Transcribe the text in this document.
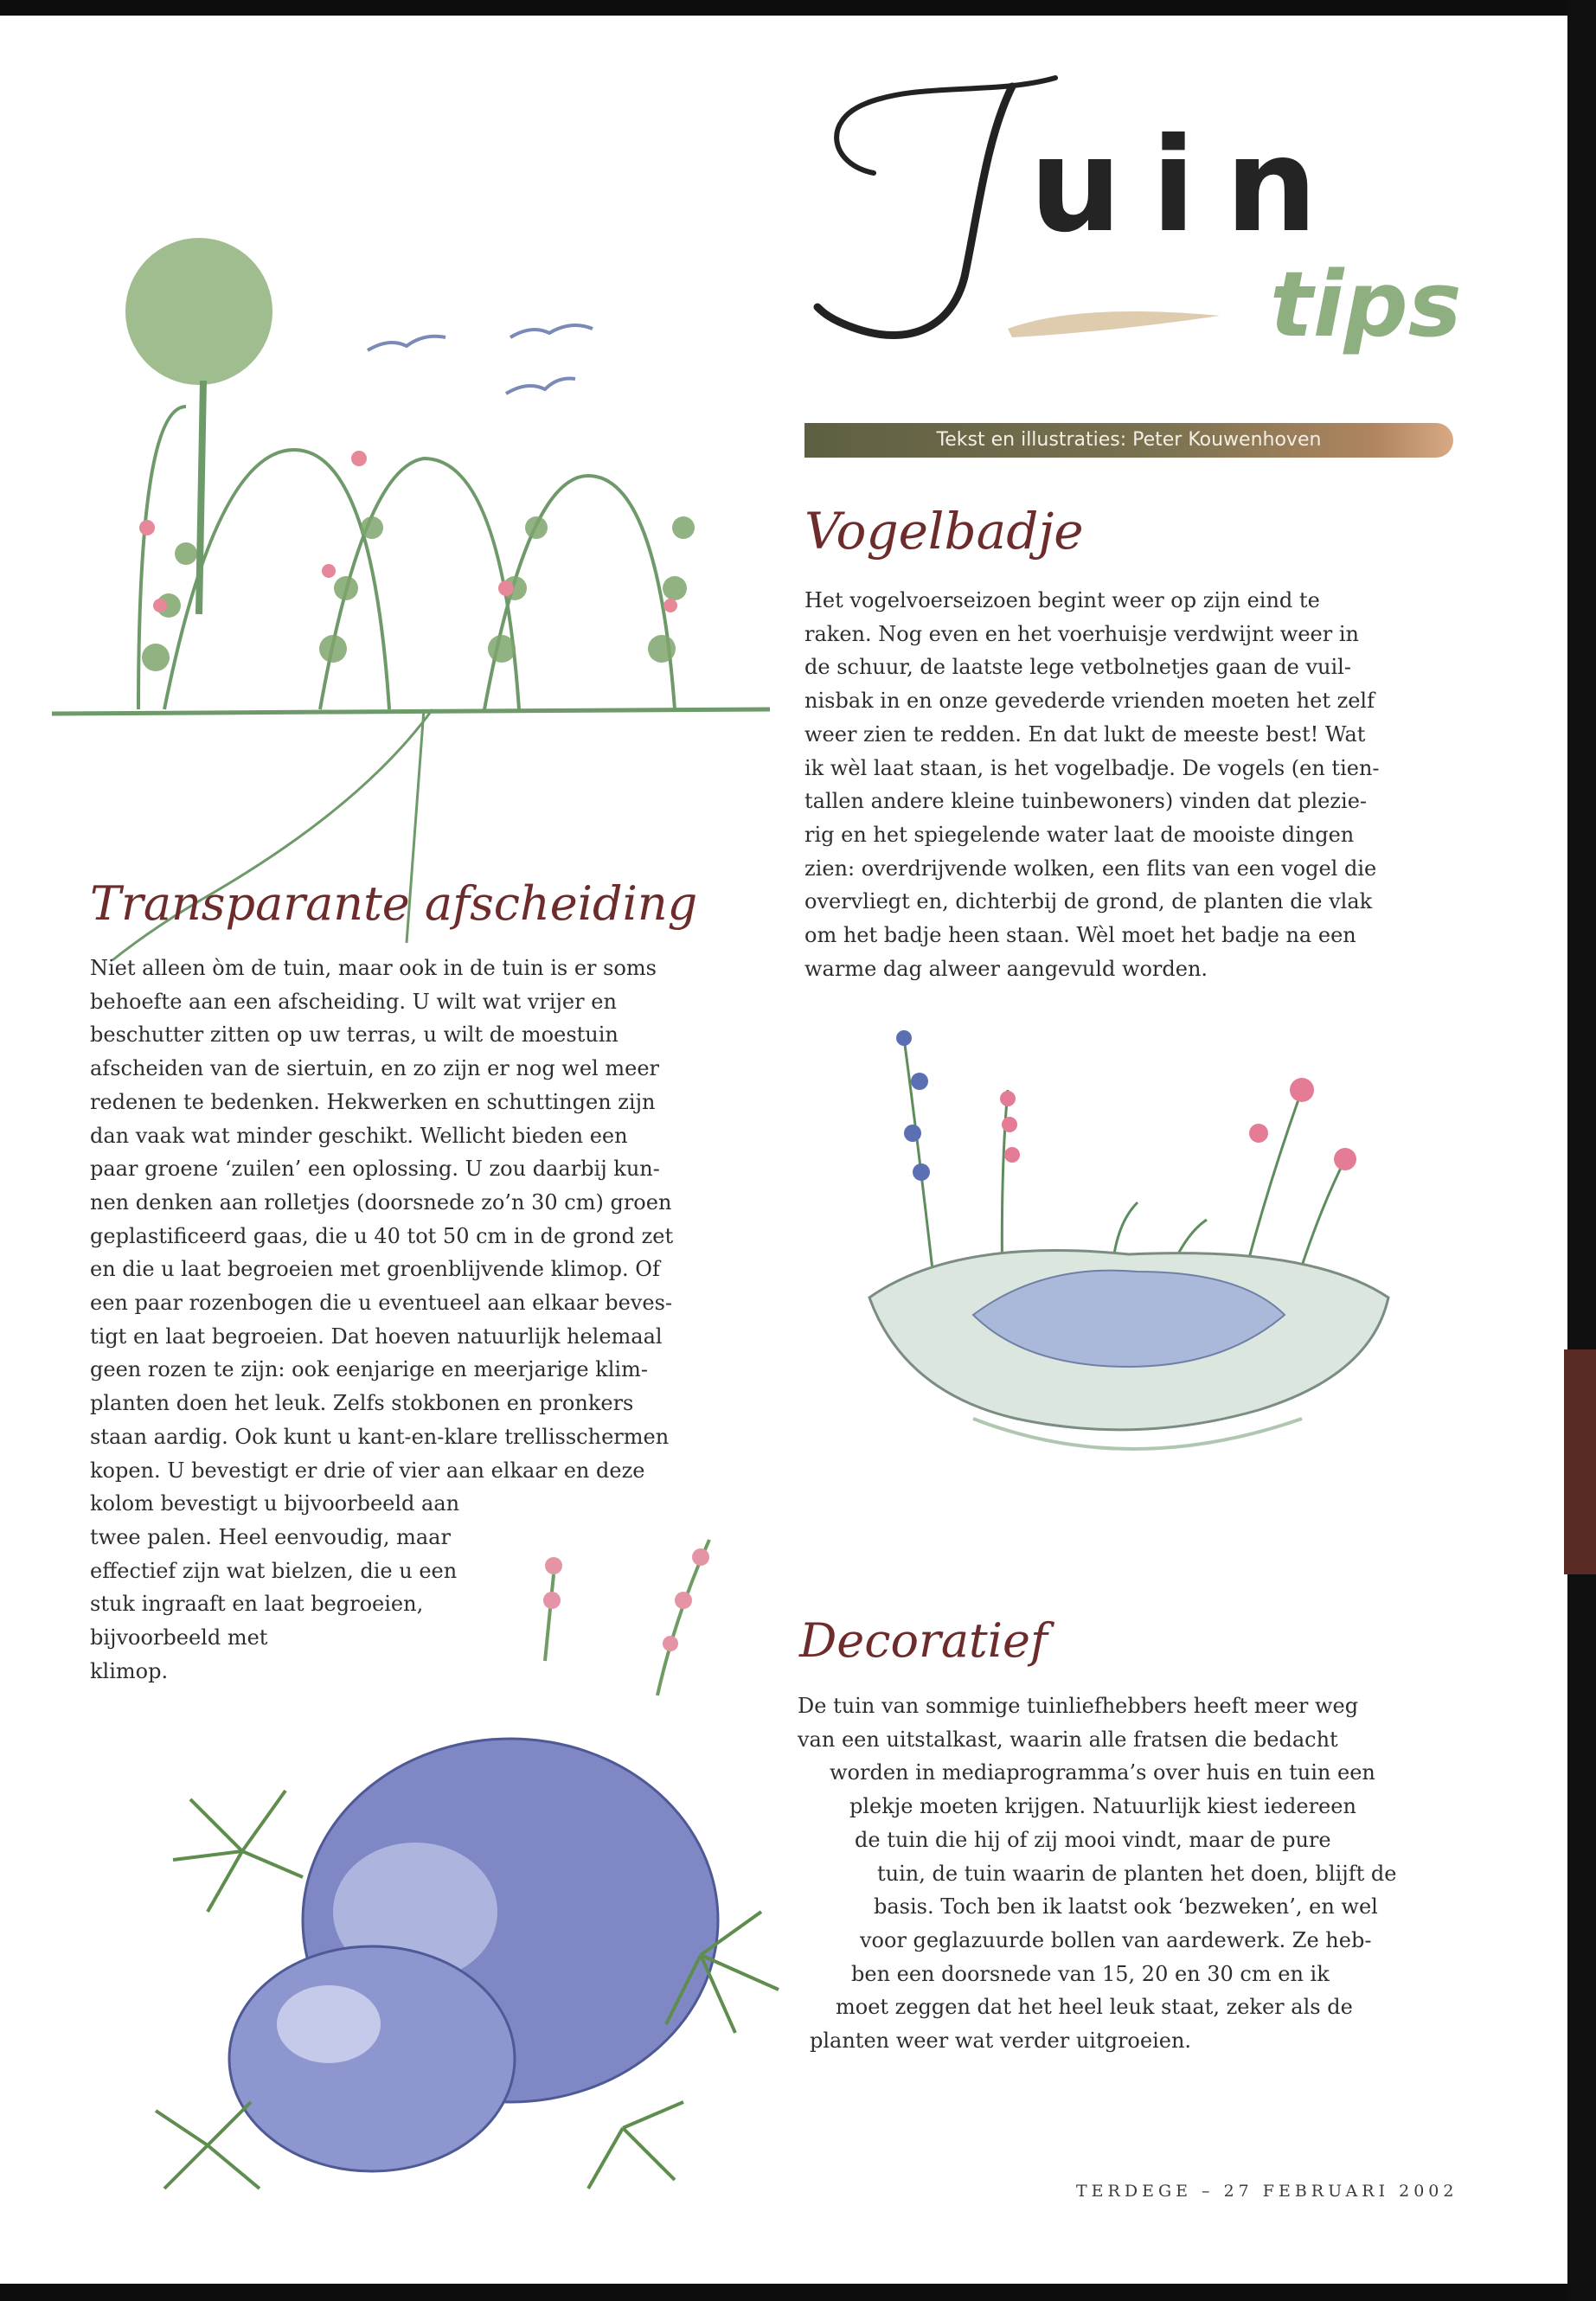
uin
tips
Tekst en illustraties: Peter Kouwenhoven
Vogelbadje
Het vogelvoerseizoen begint weer op zijn eind te
raken. Nog even en het voerhuisje verdwijnt weer in
de schuur, de laatste lege vetbolnetjes gaan de vuil-
nisbak in en onze gevederde vrienden moeten het zelf
weer zien te redden. En dat lukt de meeste best! Wat
ik wèl laat staan, is het vogelbadje. De vogels (en tien-
tallen andere kleine tuinbewoners) vinden dat plezie-
rig en het spiegelende water laat de mooiste dingen
zien: overdrijvende wolken, een flits van een vogel die
overvliegt en, dichterbij de grond, de planten die vlak
om het badje heen staan. Wèl moet het badje na een
warme dag alweer aangevuld worden.
Transparante afscheiding
Niet alleen òm de tuin, maar ook in de tuin is er soms
behoefte aan een afscheiding. U wilt wat vrijer en
beschutter zitten op uw terras, u wilt de moestuin
afscheiden van de siertuin, en zo zijn er nog wel meer
redenen te bedenken. Hekwerken en schuttingen zijn
dan vaak wat minder geschikt. Wellicht bieden een
paar groene ‘zuilen’ een oplossing. U zou daarbij kun-
nen denken aan rolletjes (doorsnede zo’n 30 cm) groen
geplastificeerd gaas, die u 40 tot 50 cm in de grond zet
en die u laat begroeien met groenblijvende klimop. Of
een paar rozenbogen die u eventueel aan elkaar beves-
tigt en laat begroeien. Dat hoeven natuurlijk helemaal
geen rozen te zijn: ook eenjarige en meerjarige klim-
planten doen het leuk. Zelfs stokbonen en pronkers
staan aardig. Ook kunt u kant-en-klare trellisschermen
kopen. U bevestigt er drie of vier aan elkaar en deze
kolom bevestigt u bijvoorbeeld aan
twee palen. Heel eenvoudig, maar
effectief zijn wat bielzen, die u een
stuk ingraaft en laat begroeien,
bijvoorbeeld met
klimop.
Decoratief
De tuin van sommige tuinliefhebbers heeft meer weg
van een uitstalkast, waarin alle fratsen die bedacht
worden in mediaprogramma’s over huis en tuin een
plekje moeten krijgen. Natuurlijk kiest iedereen
de tuin die hij of zij mooi vindt, maar de pure
tuin, de tuin waarin de planten het doen, blijft de
basis. Toch ben ik laatst ook ‘bezweken’, en wel
voor geglazuurde bollen van aardewerk. Ze heb-
ben een doorsnede van 15, 20 en 30 cm en ik
moet zeggen dat het heel leuk staat, zeker als de
planten weer wat verder uitgroeien.
TERDEGE – 27 FEBRUARI 2002
